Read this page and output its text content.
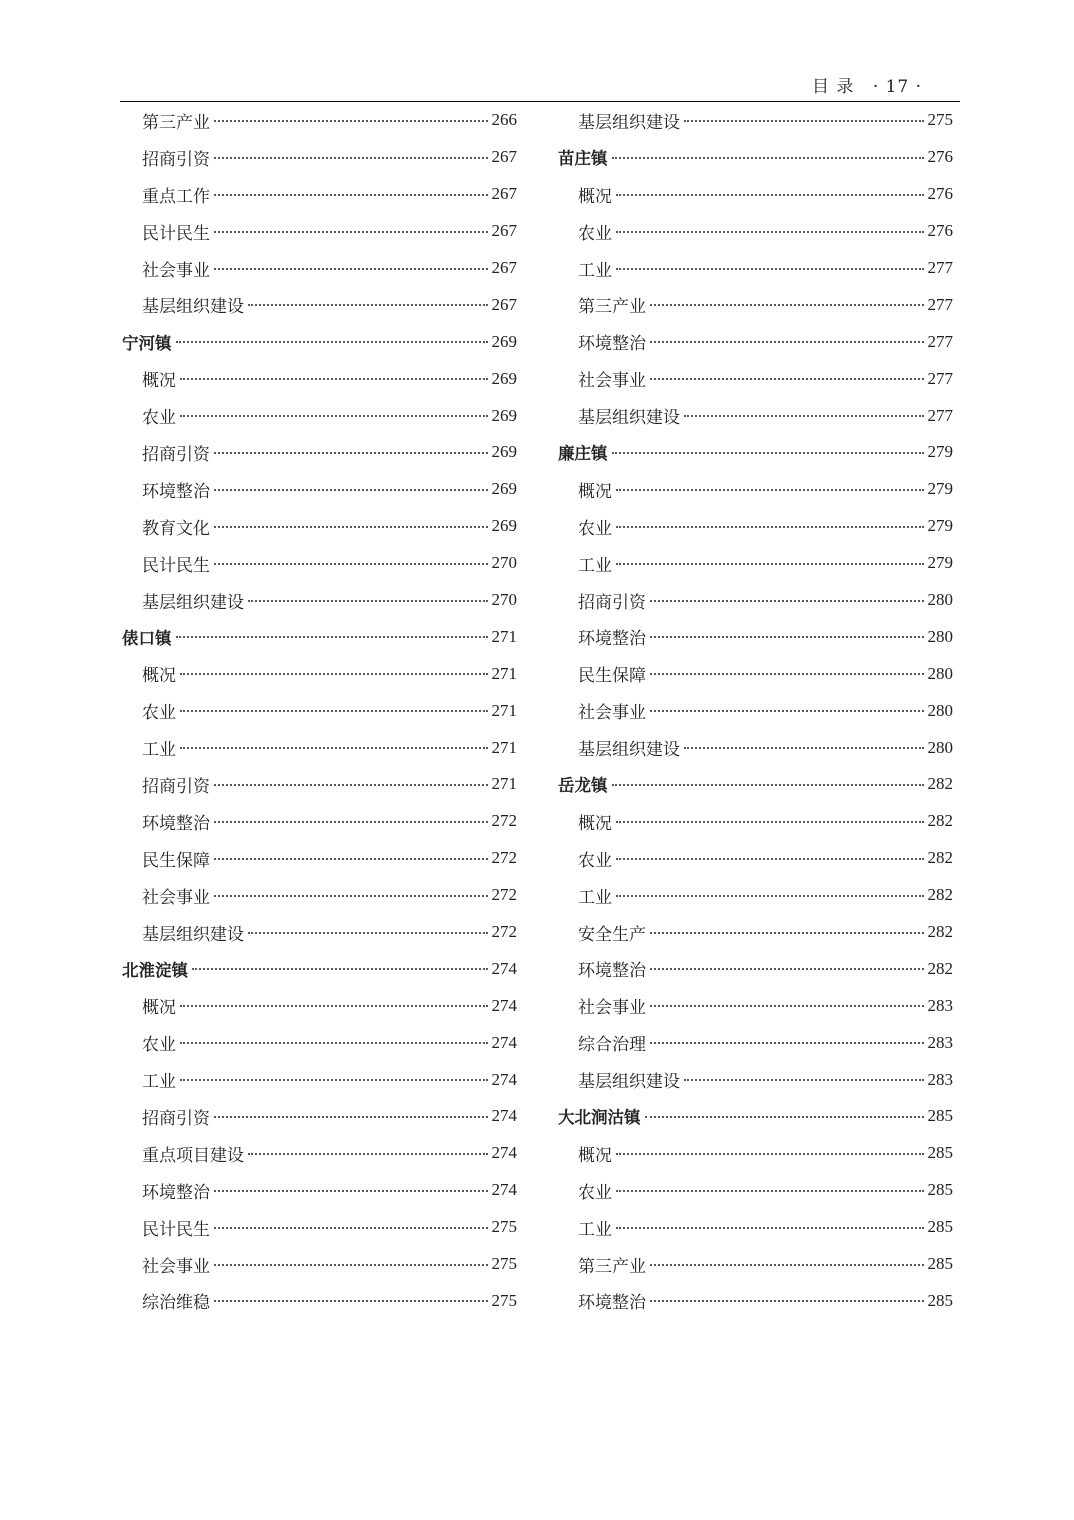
目 录 · 17 ·
第三产业	266
招商引资	267
重点工作	267
民计民生	267
社会事业	267
基层组织建设	267
宁河镇	269
概况	269
农业	269
招商引资	269
环境整治	269
教育文化	269
民计民生	270
基层组织建设	270
俵口镇	271
概况	271
农业	271
工业	271
招商引资	271
环境整治	272
民生保障	272
社会事业	272
基层组织建设	272
北淮淀镇	274
概况	274
农业	274
工业	274
招商引资	274
重点项目建设	274
环境整治	274
民计民生	275
社会事业	275
综治维稳	275
基层组织建设	275
苗庄镇	276
概况	276
农业	276
工业	277
第三产业	277
环境整治	277
社会事业	277
基层组织建设	277
廉庄镇	279
概况	279
农业	279
工业	279
招商引资	280
环境整治	280
民生保障	280
社会事业	280
基层组织建设	280
岳龙镇	282
概况	282
农业	282
工业	282
安全生产	282
环境整治	282
社会事业	283
综合治理	283
基层组织建设	283
大北涧沽镇	285
概况	285
农业	285
工业	285
第三产业	285
环境整治	285
